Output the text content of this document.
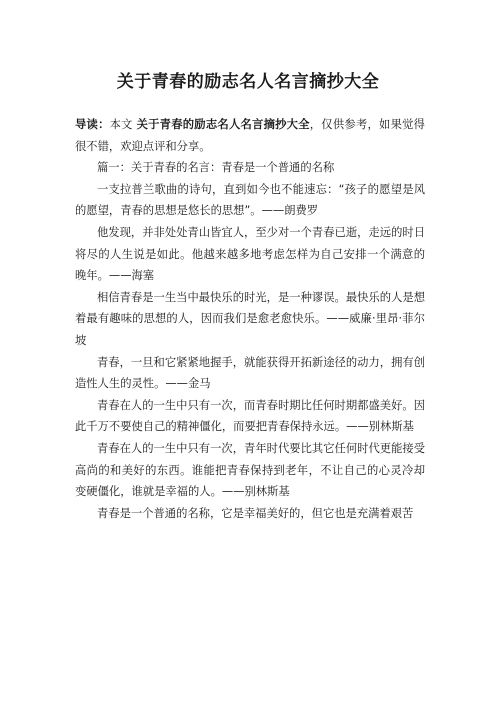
关于青春的励志名人名言摘抄大全

导读：本文 关于青春的励志名人名言摘抄大全，仅供参考，如果觉得很不错，欢迎点评和分享。

篇一：关于青春的名言：青春是一个普通的名称

一支拉普兰歌曲的诗句，直到如今也不能速忘：“孩子的愿望是风的愿望，青春的思想是悠长的思想”。——朗费罗

他发现，并非处处青山皆宜人，至少对一个青春已逝，走远的时日将尽的人生说是如此。他越来越多地考虑怎样为自己安排一个满意的晚年。——海塞

相信青春是一生当中最快乐的时光，是一种谬误。最快乐的人是想着最有趣味的思想的人，因而我们是愈老愈快乐。——威廉·里昂·菲尔坡

青春，一旦和它紧紧地握手，就能获得开拓新途径的动力，拥有创造性人生的灵性。——金马

青春在人的一生中只有一次，而青春时期比任何时期都盛美好。因此千万不要使自己的精神僵化，而要把青春保持永远。——别林斯基

青春在人的一生中只有一次，青年时代要比其它任何时代更能接受高尚的和美好的东西。谁能把青春保持到老年，不让自己的心灵冷却变硬僵化，谁就是幸福的人。——别林斯基

青春是一个普通的名称，它是幸福美好的，但它也是充满着艰苦
